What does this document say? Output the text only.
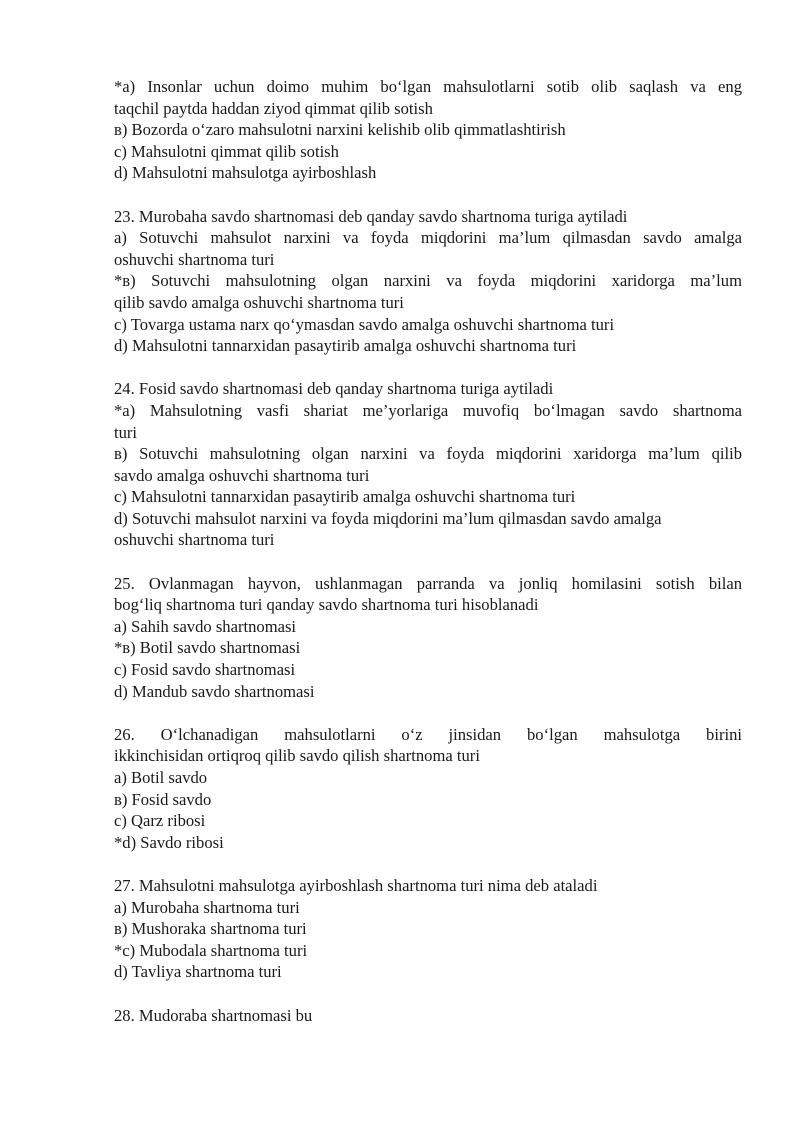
*a) Insonlar uchun doimo muhim bo‘lgan mahsulotlarni sotib olib saqlash va eng
taqchil paytda haddan ziyod qimmat qilib sotish
в) Bozorda o‘zaro mahsulotni narxini kelishib olib qimmatlashtirish
c) Mahsulotni qimmat qilib sotish
d) Mahsulotni mahsulotga ayirboshlash
23. Murobaha savdo shartnomasi deb qanday savdo shartnoma turiga aytiladi
a) Sotuvchi mahsulot narxini va foyda miqdorini ma’lum qilmasdan savdo amalga
oshuvchi shartnoma turi
*в) Sotuvchi mahsulotning olgan narxini va foyda miqdorini xaridorga ma’lum
qilib savdo amalga oshuvchi shartnoma turi
c) Tovarga ustama narx qo‘ymasdan savdo amalga oshuvchi shartnoma turi
d) Mahsulotni tannarxidan pasaytirib amalga oshuvchi shartnoma turi
24. Fosid savdo shartnomasi deb qanday shartnoma turiga aytiladi
*a) Mahsulotning vasfi shariat me’yorlariga muvofiq bo‘lmagan savdo shartnoma
turi
в) Sotuvchi mahsulotning olgan narxini va foyda miqdorini xaridorga ma’lum qilib
savdo amalga oshuvchi shartnoma turi
c) Mahsulotni tannarxidan pasaytirib amalga oshuvchi shartnoma turi
d) Sotuvchi mahsulot narxini va foyda miqdorini ma’lum qilmasdan savdo amalga
oshuvchi shartnoma turi
25. Ovlanmagan hayvon, ushlanmagan parranda va jonliq homilasini sotish bilan
bog‘liq shartnoma turi qanday savdo shartnoma turi hisoblanadi
a) Sahih savdo shartnomasi
*в) Botil savdo shartnomasi
c) Fosid savdo shartnomasi
d) Mandub savdo shartnomasi
26. O‘lchanadigan mahsulotlarni o‘z jinsidan bo‘lgan mahsulotga birini
ikkinchisidan ortiqroq qilib savdo qilish shartnoma turi
a) Botil savdo
в) Fosid savdo
c) Qarz ribosi
*d) Savdo ribosi
27. Mahsulotni mahsulotga ayirboshlash shartnoma turi nima deb ataladi
a) Murobaha shartnoma turi
в) Mushoraka shartnoma turi
*c) Mubodala shartnoma turi
d) Tavliya shartnoma turi
28. Mudoraba shartnomasi bu
